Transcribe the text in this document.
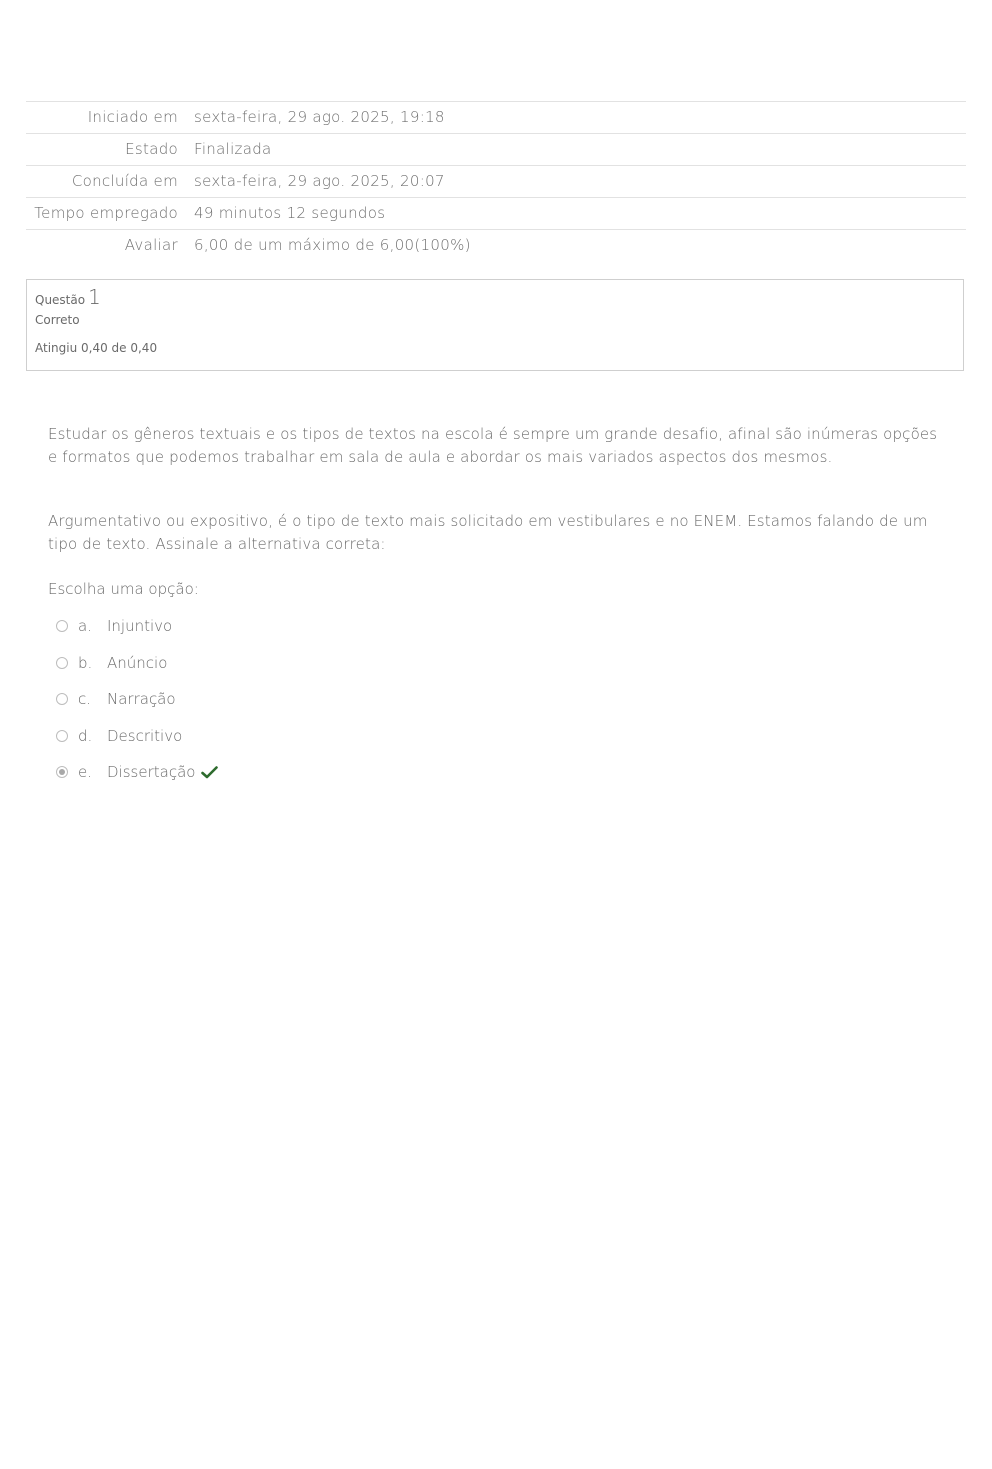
Iniciado em	sexta-feira, 29 ago. 2025, 19:18
Estado	Finalizada
Concluída em	sexta-feira, 29 ago. 2025, 20:07
Tempo empregado	49 minutos 12 segundos
Avaliar	6,00 de um máximo de 6,00(100%)
Questão 1
Correto
Atingiu 0,40 de 0,40

Estudar os gêneros textuais e os tipos de textos na escola é sempre um grande desafio, afinal são inúmeras opções e formatos que podemos trabalhar em sala de aula e abordar os mais variados aspectos dos mesmos.

Argumentativo ou expositivo, é o tipo de texto mais solicitado em vestibulares e no ENEM. Estamos falando de um tipo de texto. Assinale a alternativa correta:

Escolha uma opção:
a.	Injuntivo
b. Anúncio
c.	Narração
d. Descritivo
e.	Dissertação
